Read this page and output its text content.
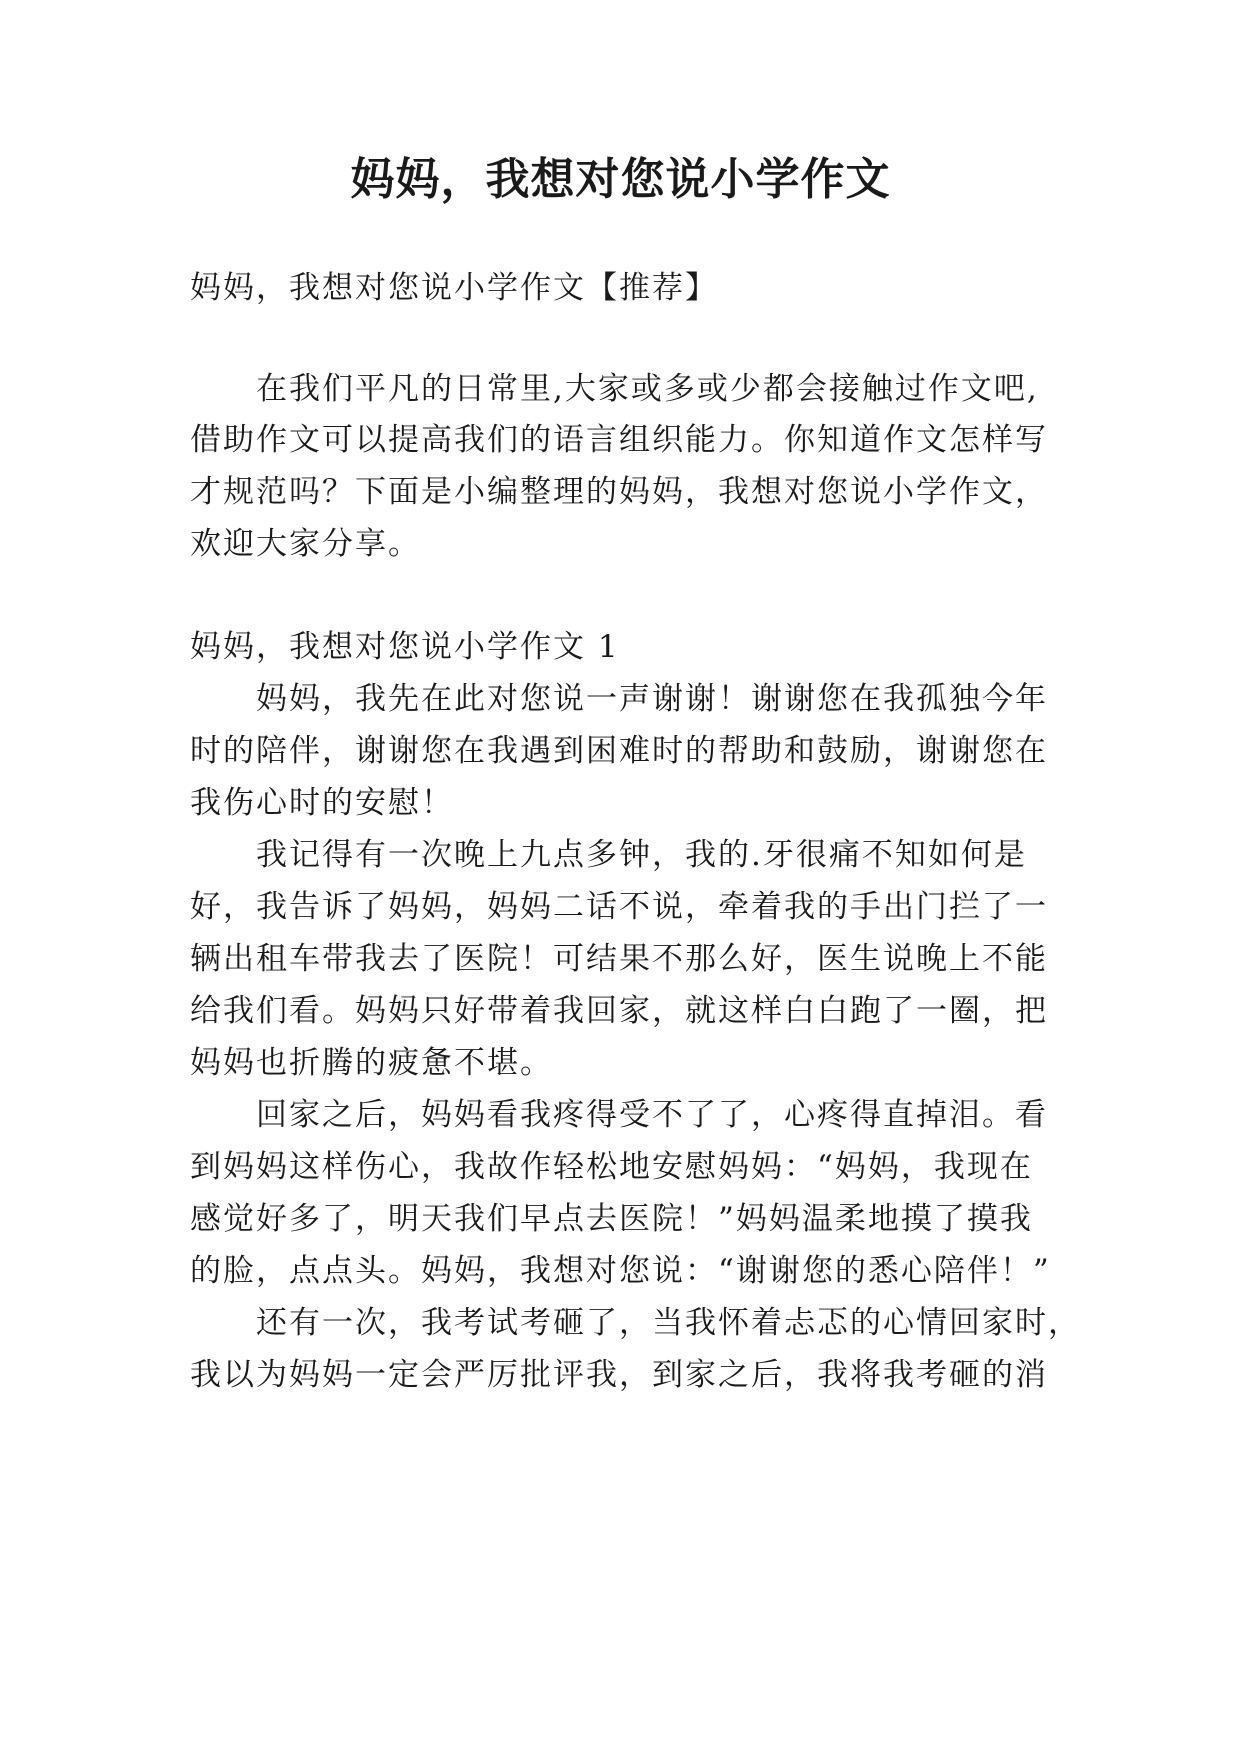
妈妈，我想对您说小学作文

妈妈，我想对您说小学作文【推荐】

在我们平凡的日常里,大家或多或少都会接触过作文吧,

借助作文可以提高我们的语言组织能力。你知道作文怎样写

才规范吗？下面是小编整理的妈妈，我想对您说小学作文，

欢迎大家分享。

妈妈，我想对您说小学作文 1

妈妈，我先在此对您说一声谢谢！谢谢您在我孤独今年

时的陪伴，谢谢您在我遇到困难时的帮助和鼓励，谢谢您在

我伤心时的安慰！

我记得有一次晚上九点多钟，我的.牙很痛不知如何是

好，我告诉了妈妈，妈妈二话不说，牵着我的手出门拦了一

辆出租车带我去了医院！可结果不那么好，医生说晚上不能

给我们看。妈妈只好带着我回家，就这样白白跑了一圈，把

妈妈也折腾的疲惫不堪。

回家之后，妈妈看我疼得受不了了，心疼得直掉泪。看

到妈妈这样伤心，我故作轻松地安慰妈妈：“妈妈，我现在

感觉好多了，明天我们早点去医院！”妈妈温柔地摸了摸我

的脸，点点头。妈妈，我想对您说：“谢谢您的悉心陪伴！”

还有一次，我考试考砸了，当我怀着忐忑的心情回家时，

我以为妈妈一定会严厉批评我，到家之后，我将我考砸的消
